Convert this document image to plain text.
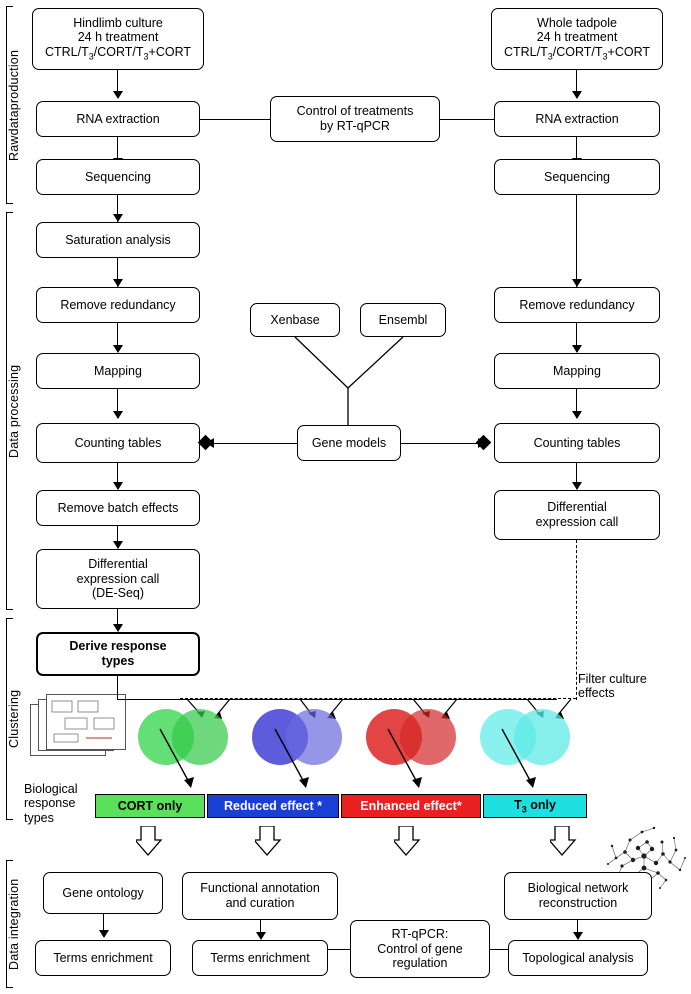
Rawdataproduction
Data processing
Clustering
Data integration
Hindlimb culture
24 h treatment
CTRL/$T_3/CORT/T_3+CORT$
RNA extraction
Sequencing
Saturation analysis
Remove redundancy
Mapping
Counting tables
Remove batch effects
Differential
expression call
(DE-Seq)
Derive response
types
Whole tadpole
24 h treatment
CTRL/$T_3/CORT/T_3+CORT$
RNA extraction
Sequencing
Remove redundancy
Mapping
Counting tables
Differential
expression call
Control of treatments
by RT-qPCR
Xenbase	Ensembl
Gene models
Filter culture effects
Biological response types
CORT only	Reduced effect *	Enhanced effect*	$T_3$ only
Gene ontology
Terms enrichment
Functional annotation
and curation
Terms enrichment
RT-qPCR:
Control of gene
regulation
Biological network
reconstruction
Topological analysis
